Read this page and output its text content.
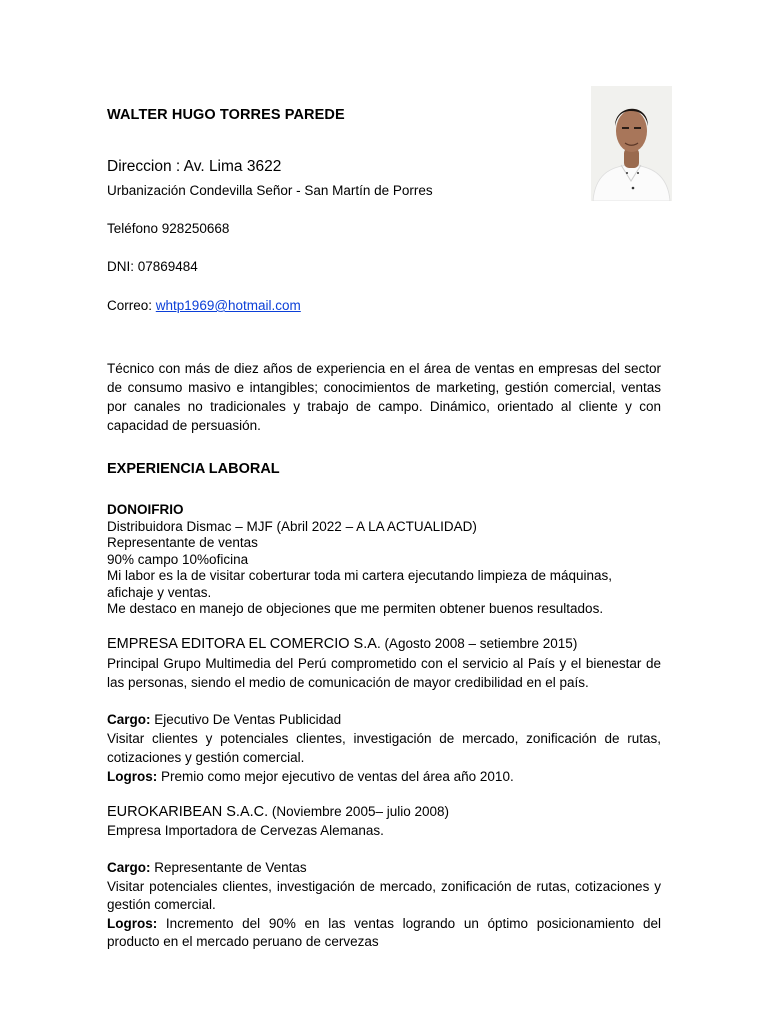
WALTER HUGO TORRES PAREDE

Direccion : Av. Lima 3622

Urbanización Condevilla Señor - San Martín de Porres

Teléfono 928250668

DNI: 07869484

Correo: whtp1969@hotmail.com

Técnico con más de diez años de experiencia en el área de ventas en empresas del sector de consumo masivo e intangibles; conocimientos de marketing, gestión comercial, ventas por canales no tradicionales y trabajo de campo. Dinámico, orientado al cliente y con capacidad de persuasión.

EXPERIENCIA LABORAL
DONOIFRIO
Distribuidora Dismac – MJF (Abril 2022 – A LA ACTUALIDAD)
Representante de ventas
90% campo 10%oficina
Mi labor es la de visitar coberturar toda mi cartera ejecutando limpieza de máquinas, afichaje y ventas.
Me destaco en manejo de objeciones que me permiten obtener buenos resultados.
EMPRESA EDITORA EL COMERCIO S.A. (Agosto 2008 – setiembre 2015)
Principal Grupo Multimedia del Perú comprometido con el servicio al País y el bienestar de las personas, siendo el medio de comunicación de mayor credibilidad en el país.
Cargo: Ejecutivo De Ventas Publicidad
Visitar clientes y potenciales clientes, investigación de mercado, zonificación de rutas, cotizaciones y gestión comercial.
Logros: Premio como mejor ejecutivo de ventas del área año 2010.
EUROKARIBEAN S.A.C. (Noviembre 2005– julio 2008)
Empresa Importadora de Cervezas Alemanas.
Cargo: Representante de Ventas
Visitar potenciales clientes, investigación de mercado, zonificación de rutas, cotizaciones y gestión comercial.
Logros: Incremento del 90% en las ventas logrando un óptimo posicionamiento del producto en el mercado peruano de cervezas
